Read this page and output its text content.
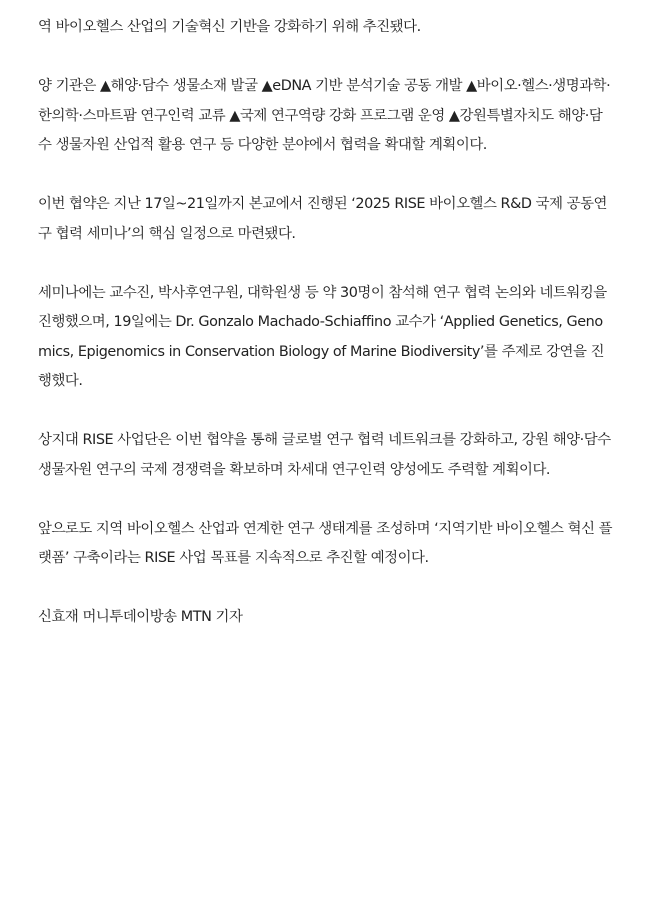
역 바이오헬스 산업의 기술혁신 기반을 강화하기 위해 추진됐다.

양 기관은 ▲해양·담수 생물소재 발굴 ▲eDNA 기반 분석기술 공동 개발 ▲바이오·헬스·생명과학·한의학·스마트팜 연구인력 교류 ▲국제 연구역량 강화 프로그램 운영 ▲강원특별자치도 해양·담수 생물자원 산업적 활용 연구 등 다양한 분야에서 협력을 확대할 계획이다.

이번 협약은 지난 17일~21일까지 본교에서 진행된 ‘2025 RISE 바이오헬스 R&D 국제 공동연구 협력 세미나’의 핵심 일정으로 마련됐다.

세미나에는 교수진, 박사후연구원, 대학원생 등 약 30명이 참석해 연구 협력 논의와 네트워킹을 진행했으며, 19일에는 Dr. Gonzalo Machado-Schiaffino 교수가 ‘Applied Genetics, Genomics, Epigenomics in Conservation Biology of Marine Biodiversity’를 주제로 강연을 진행했다.

상지대 RISE 사업단은 이번 협약을 통해 글로벌 연구 협력 네트워크를 강화하고, 강원 해양·담수 생물자원 연구의 국제 경쟁력을 확보하며 차세대 연구인력 양성에도 주력할 계획이다.

앞으로도 지역 바이오헬스 산업과 연계한 연구 생태계를 조성하며 ‘지역기반 바이오헬스 혁신 플랫폼’ 구축이라는 RISE 사업 목표를 지속적으로 추진할 예정이다.

신효재 머니투데이방송 MTN 기자
